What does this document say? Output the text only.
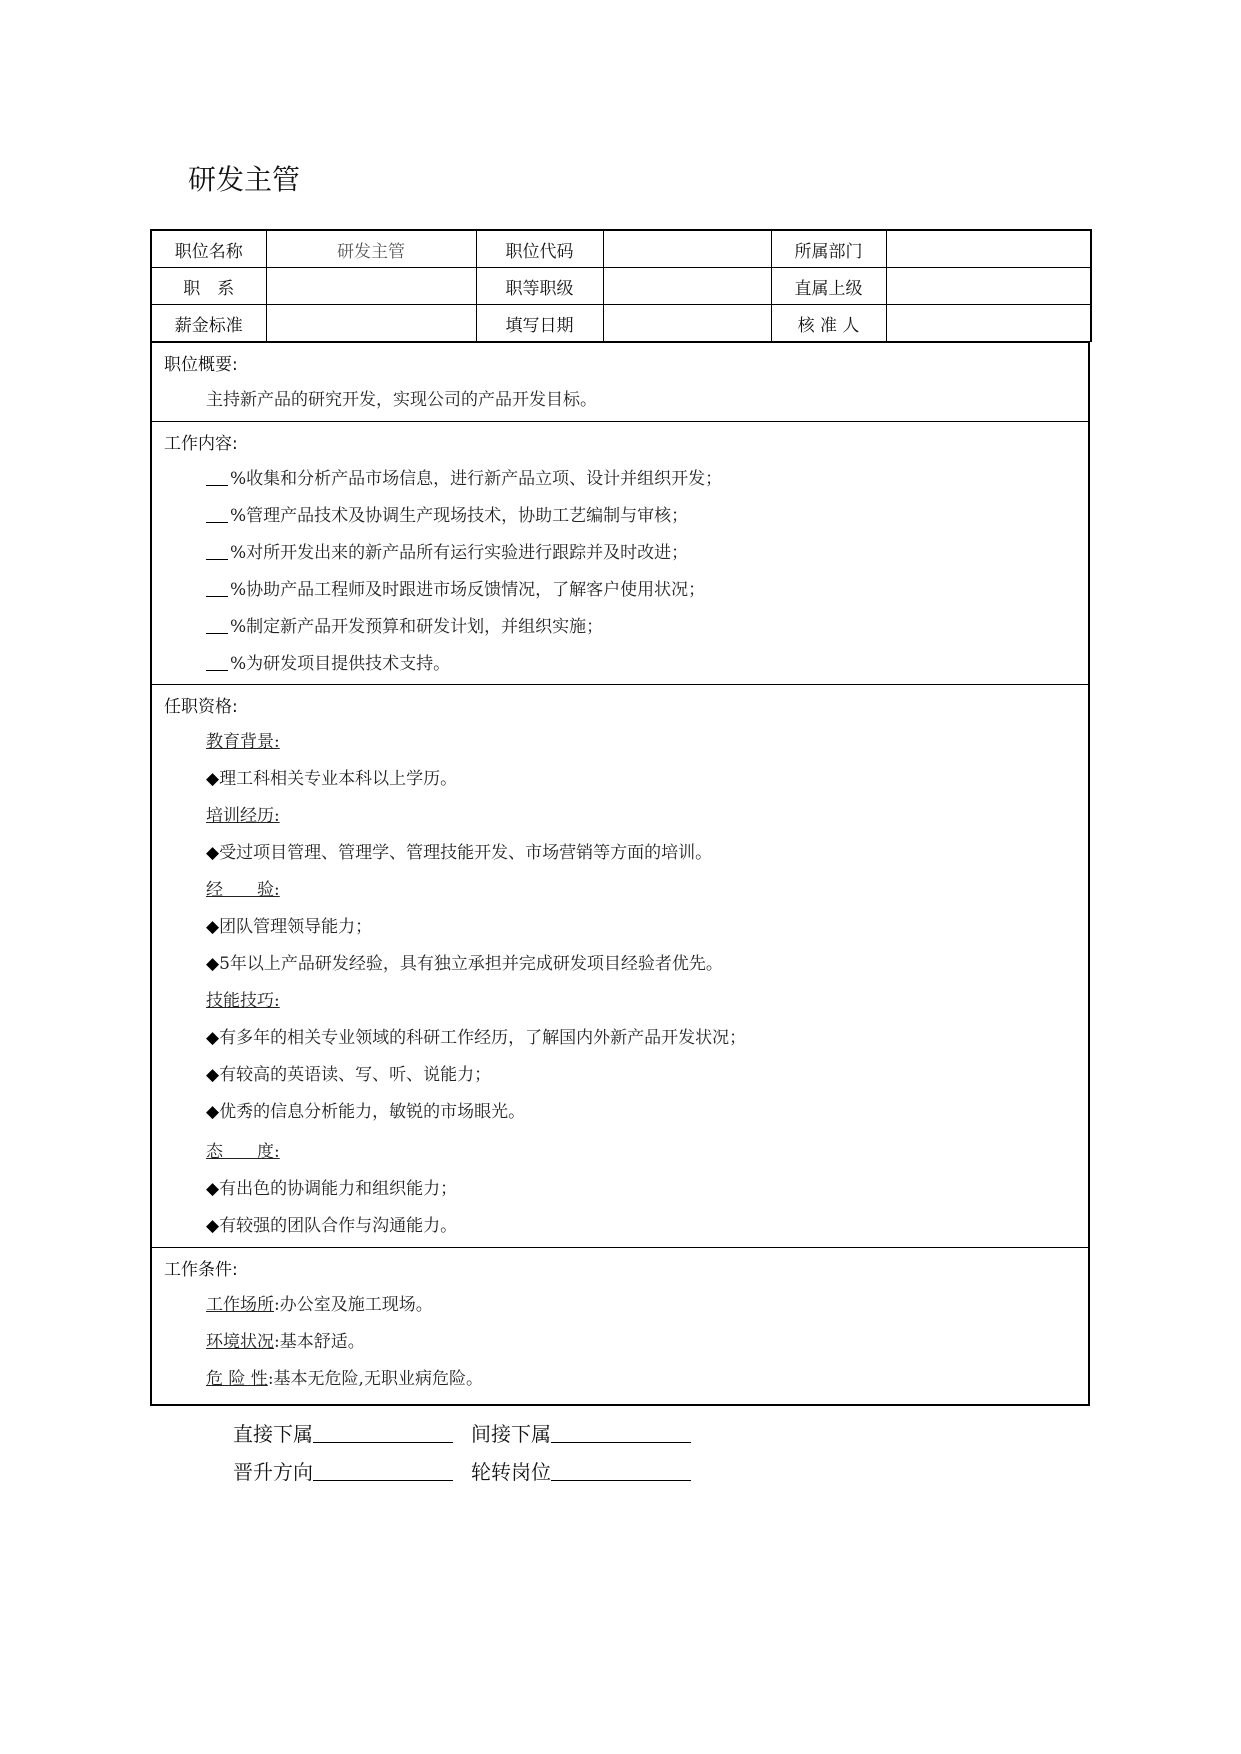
研发主管
职位名称	研发主管	职位代码		所属部门	
职　系		职等职级		直属上级	
薪金标准		填写日期		核 准 人	
职位概要:
主持新产品的研究开发，实现公司的产品开发目标。
工作内容:
%收集和分析产品市场信息，进行新产品立项、设计并组织开发；
%管理产品技术及协调生产现场技术，协助工艺编制与审核；
%对所开发出来的新产品所有运行实验进行跟踪并及时改进；
%协助产品工程师及时跟进市场反馈情况，了解客户使用状况；
%制定新产品开发预算和研发计划，并组织实施；
%为研发项目提供技术支持。
任职资格:
教育背景:
◆理工科相关专业本科以上学历。
培训经历:
◆受过项目管理、管理学、管理技能开发、市场营销等方面的培训。
经　　验:
◆团队管理领导能力；
◆5年以上产品研发经验，具有独立承担并完成研发项目经验者优先。
技能技巧:
◆有多年的相关专业领域的科研工作经历，了解国内外新产品开发状况；
◆有较高的英语读、写、听、说能力；
◆优秀的信息分析能力，敏锐的市场眼光。
态　　度:
◆有出色的协调能力和组织能力；
◆有较强的团队合作与沟通能力。
工作条件:
工作场所:办公室及施工现场。
环境状况:基本舒适。
危 险 性:基本无危险,无职业病危险。
直接下属	间接下属
晋升方向	轮转岗位
